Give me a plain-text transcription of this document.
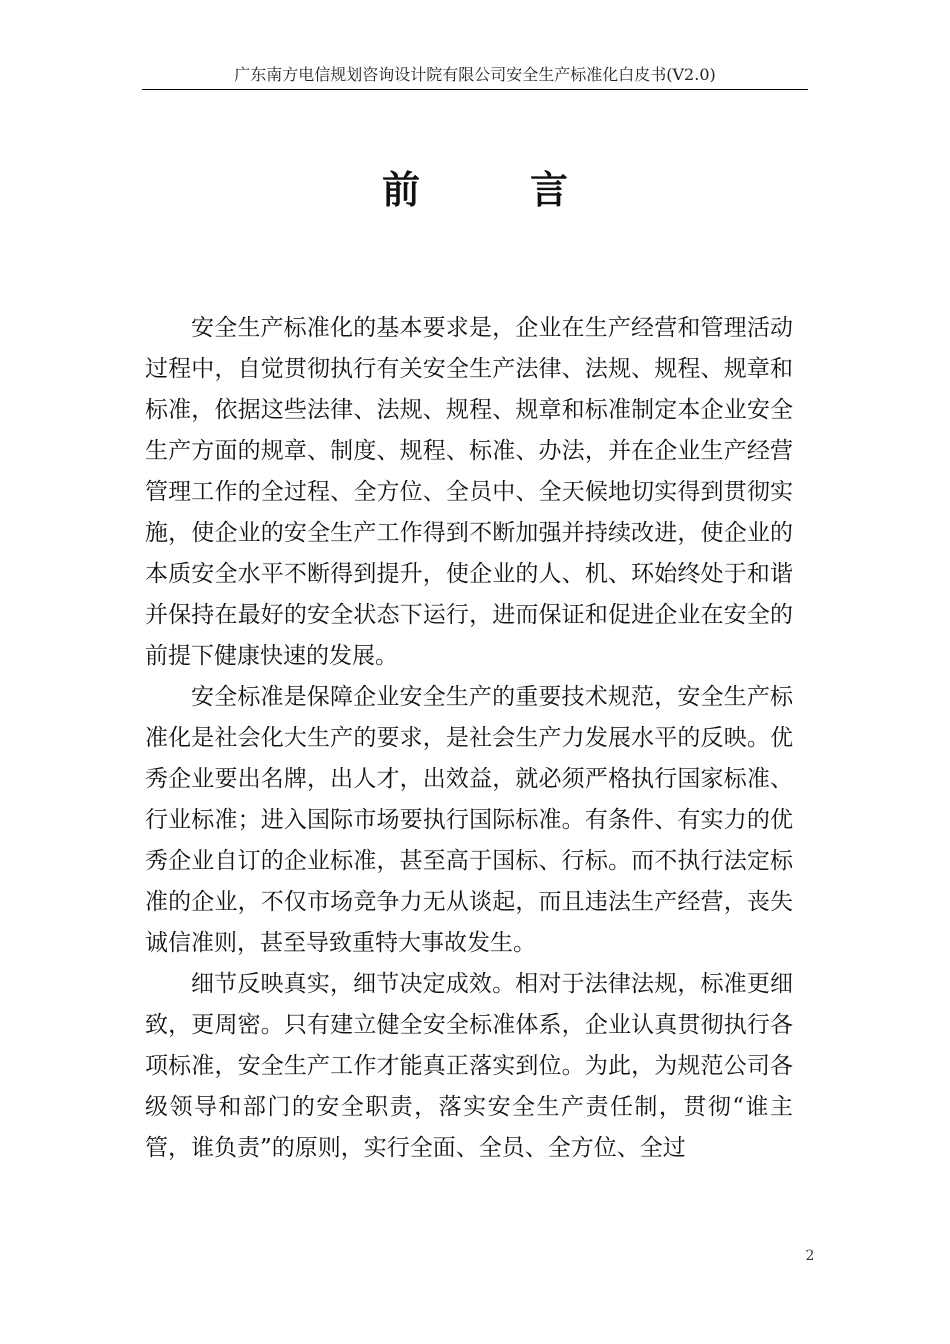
广东南方电信规划咨询设计院有限公司安全生产标准化白皮书(V2.0)
前	言

安全生产标准化的基本要求是，企业在生产经营和管理活动过程中，自觉贯彻执行有关安全生产法律、法规、规程、规章和标准，依据这些法律、法规、规程、规章和标准制定本企业安全生产方面的规章、制度、规程、标准、办法，并在企业生产经营管理工作的全过程、全方位、全员中、全天候地切实得到贯彻实施，使企业的安全生产工作得到不断加强并持续改进，使企业的本质安全水平不断得到提升，使企业的人、机、环始终处于和谐并保持在最好的安全状态下运行，进而保证和促进企业在安全的前提下健康快速的发展。

安全标准是保障企业安全生产的重要技术规范，安全生产标准化是社会化大生产的要求，是社会生产力发展水平的反映。优秀企业要出名牌，出人才，出效益，就必须严格执行国家标准、行业标准；进入国际市场要执行国际标准。有条件、有实力的优秀企业自订的企业标准，甚至高于国标、行标。而不执行法定标准的企业，不仅市场竞争力无从谈起，而且违法生产经营，丧失诚信准则，甚至导致重特大事故发生。

细节反映真实，细节决定成效。相对于法律法规，标准更细致，更周密。只有建立健全安全标准体系，企业认真贯彻执行各项标准，安全生产工作才能真正落实到位。为此，为规范公司各级领导和部门的安全职责，落实安全生产责任制，贯彻“谁主管，谁负责”的原则，实行全面、全员、全方位、全过

2
